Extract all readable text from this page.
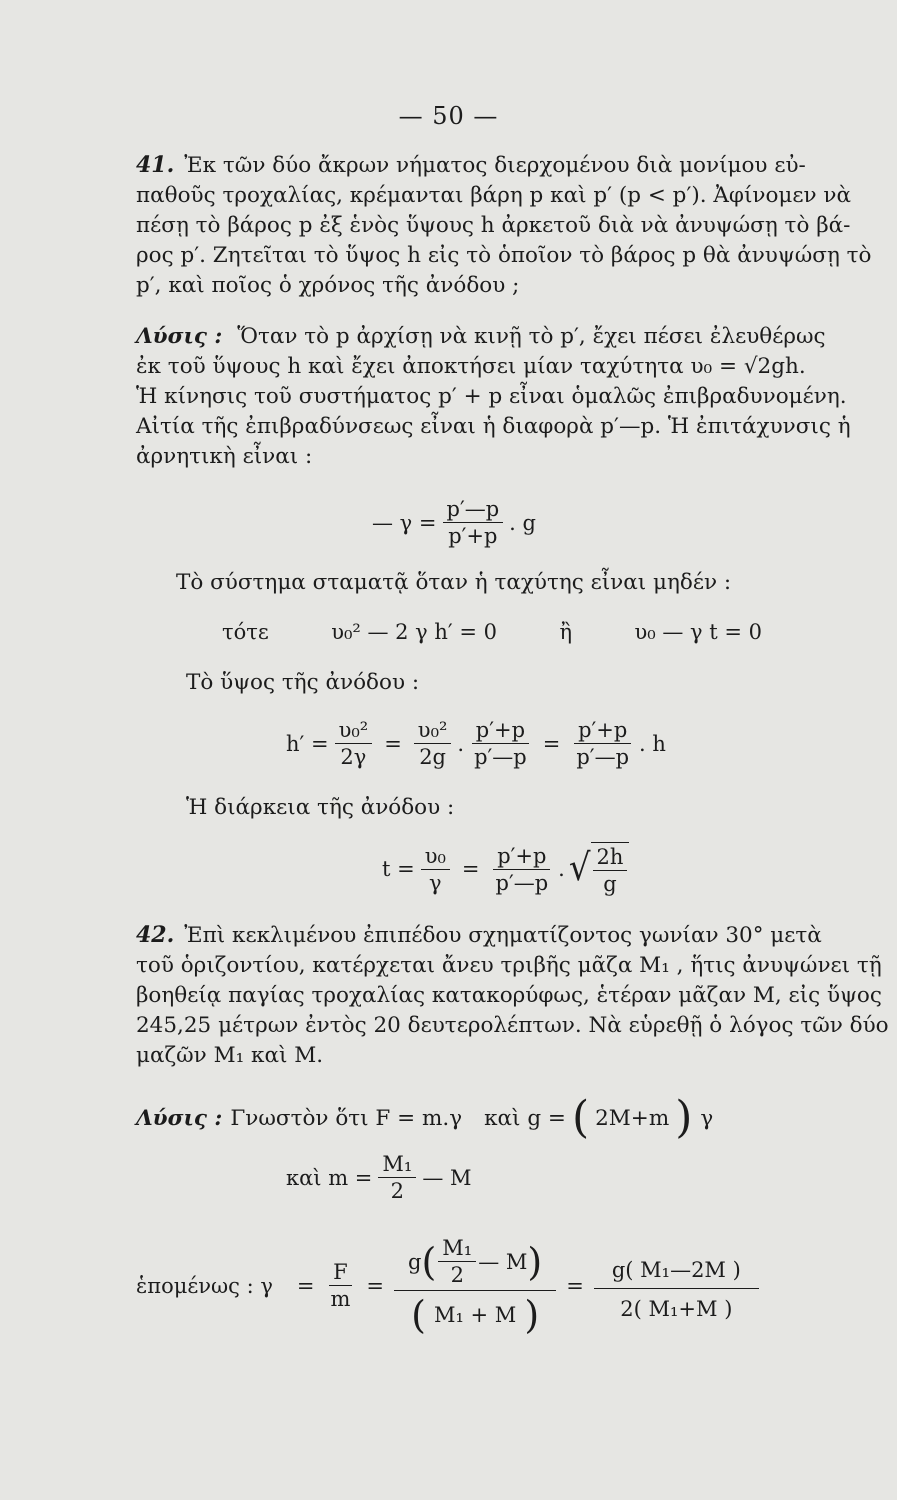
— 50 —
41. Ἐκ τῶν δύο ἄκρων νήματος διερχομένου διὰ μονίμου εὐ-
παθοῦς τροχαλίας, κρέμανται βάρη p καὶ p′ (p < p′). Ἀφίνομεν νὰ
πέσῃ τὸ βάρος p ἐξ ἑνὸς ὕψους h ἀρκετοῦ διὰ νὰ ἀνυψώσῃ τὸ βά-
ρος p′. Ζητεῖται τὸ ὕψος h εἰς τὸ ὁποῖον τὸ βάρος p θὰ ἀνυψώσῃ τὸ
p′, καὶ ποῖος ὁ χρόνος τῆς ἀνόδου ;
Λύσις : Ὅταν τὸ p ἀρχίσῃ νὰ κινῇ τὸ p′, ἔχει πέσει ἐλευθέρως
ἐκ τοῦ ὕψους h καὶ ἔχει ἀποκτήσει μίαν ταχύτητα υ₀ = √2gh.
Ἡ κίνησις τοῦ συστήματος p′ + p εἶναι ὁμαλῶς ἐπιβραδυνομένη.
Αἰτία τῆς ἐπιβραδύνσεως εἶναι ἡ διαφορὰ p′—p. Ἡ ἐπιτάχυνσις ἡ
ἀρνητικὴ εἶναι :
— $\gamma = \frac{p'—p}{p'+p}$ . g
Τὸ σύστημα σταματᾷ ὅταν ἡ ταχύτης εἶναι μηδέν :
τότε	υ₀² — 2 γ h′ = 0	ἢ	υ₀ — γ t = 0
Τὸ ὕψος τῆς ἀνόδου :
$h' = \frac{\text{υ₀²}}{2\gamma} = \frac{\text{υ₀²}}{2g}$ . $\frac{p'+p}{p'—p} = \frac{p'+p}{p'—p}$ . h
Ἡ διάρκεια τῆς ἀνόδου :
$t = \frac{\text{υ₀}}{\gamma} = \frac{p'+p}{p'—p}$ . √ $\frac{2h}{g}$
42. Ἐπὶ κεκλιμένου ἐπιπέδου σχηματίζοντος γωνίαν 30° μετὰ
τοῦ ὁριζοντίου, κατέρχεται ἄνευ τριβῆς μᾶζα M₁ , ἥτις ἀνυψώνει τῇ
βοηθείᾳ παγίας τροχαλίας κατακορύφως, ἑτέραν μᾶζαν M, εἰς ὕψος
245,25 μέτρων ἐντὸς 20 δευτερολέπτων. Νὰ εὑρεθῇ ὁ λόγος τῶν δύο
μαζῶν M₁ καὶ M.
Λύσις : Γνωστὸν ὅτι F = m.γ καὶ g = ( 2M+m ) γ
καὶ $m = \frac{\text{M₁}}{2}$ — M
ἑπομένως : $\gamma = \frac{F}{m} = \frac{g ( \frac{\text{M₁}}{2} — M )}{\text{( M₁ + M )}} = \frac{\text{g( M₁—2M )}}{\text{2( M₁+M )}}$
